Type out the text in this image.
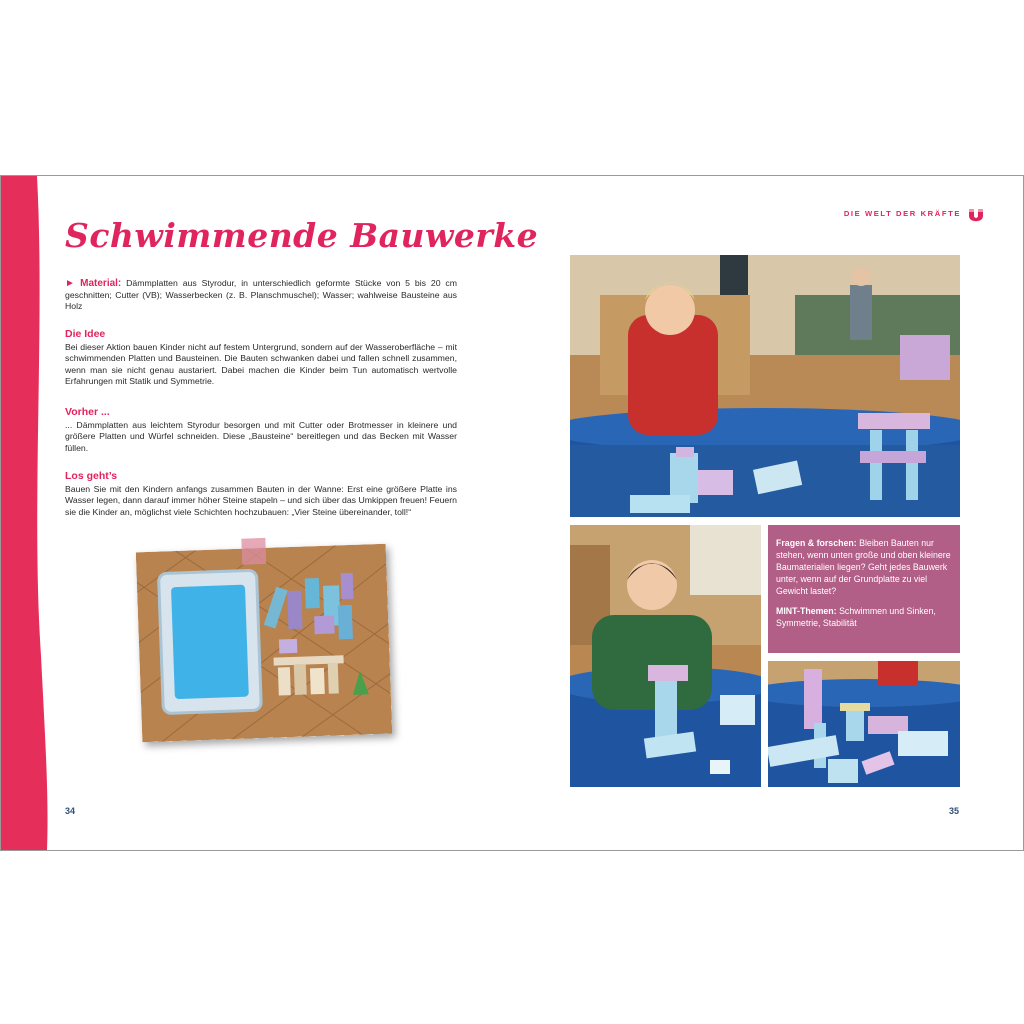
Schwimmende Bauwerke
► Material: Dämmplatten aus Styrodur, in unterschiedlich geformte Stücke von 5 bis 20 cm geschnitten; Cutter (VB); Wasserbecken (z. B. Planschmuschel); Wasser; wahlweise Bausteine aus Holz
Die Idee
Bei dieser Aktion bauen Kinder nicht auf festem Untergrund, sondern auf der Wasseroberfläche – mit schwimmenden Platten und Bausteinen. Die Bauten schwanken dabei und fallen schnell zusammen, wenn man sie nicht genau austariert. Dabei machen die Kinder beim Tun automatisch wertvolle Erfahrungen mit Statik und Symmetrie.
Vorher ...
... Dämmplatten aus leichtem Styrodur besorgen und mit Cutter oder Brotmesser in kleinere und größere Platten und Würfel schneiden. Diese „Bausteine“ bereitlegen und das Becken mit Wasser füllen.
Los geht’s
Bauen Sie mit den Kindern anfangs zusammen Bauten in der Wanne: Erst eine größere Platte ins Wasser legen, dann darauf immer höher Steine stapeln – und sich über das Umkippen freuen! Feuern sie die Kinder an, möglichst viele Schichten hochzubauen: „Vier Steine übereinander, toll!“
34
DIE WELT DER KRÄFTE

Fragen & forschen: Bleiben Bauten nur stehen, wenn unten große und oben kleinere Baumaterialien liegen? Geht jedes Bauwerk unter, wenn auf der Grundplatte zu viel Gewicht lastet?

MINT-Themen: Schwimmen und Sinken, Symmetrie, Stabilität

35
